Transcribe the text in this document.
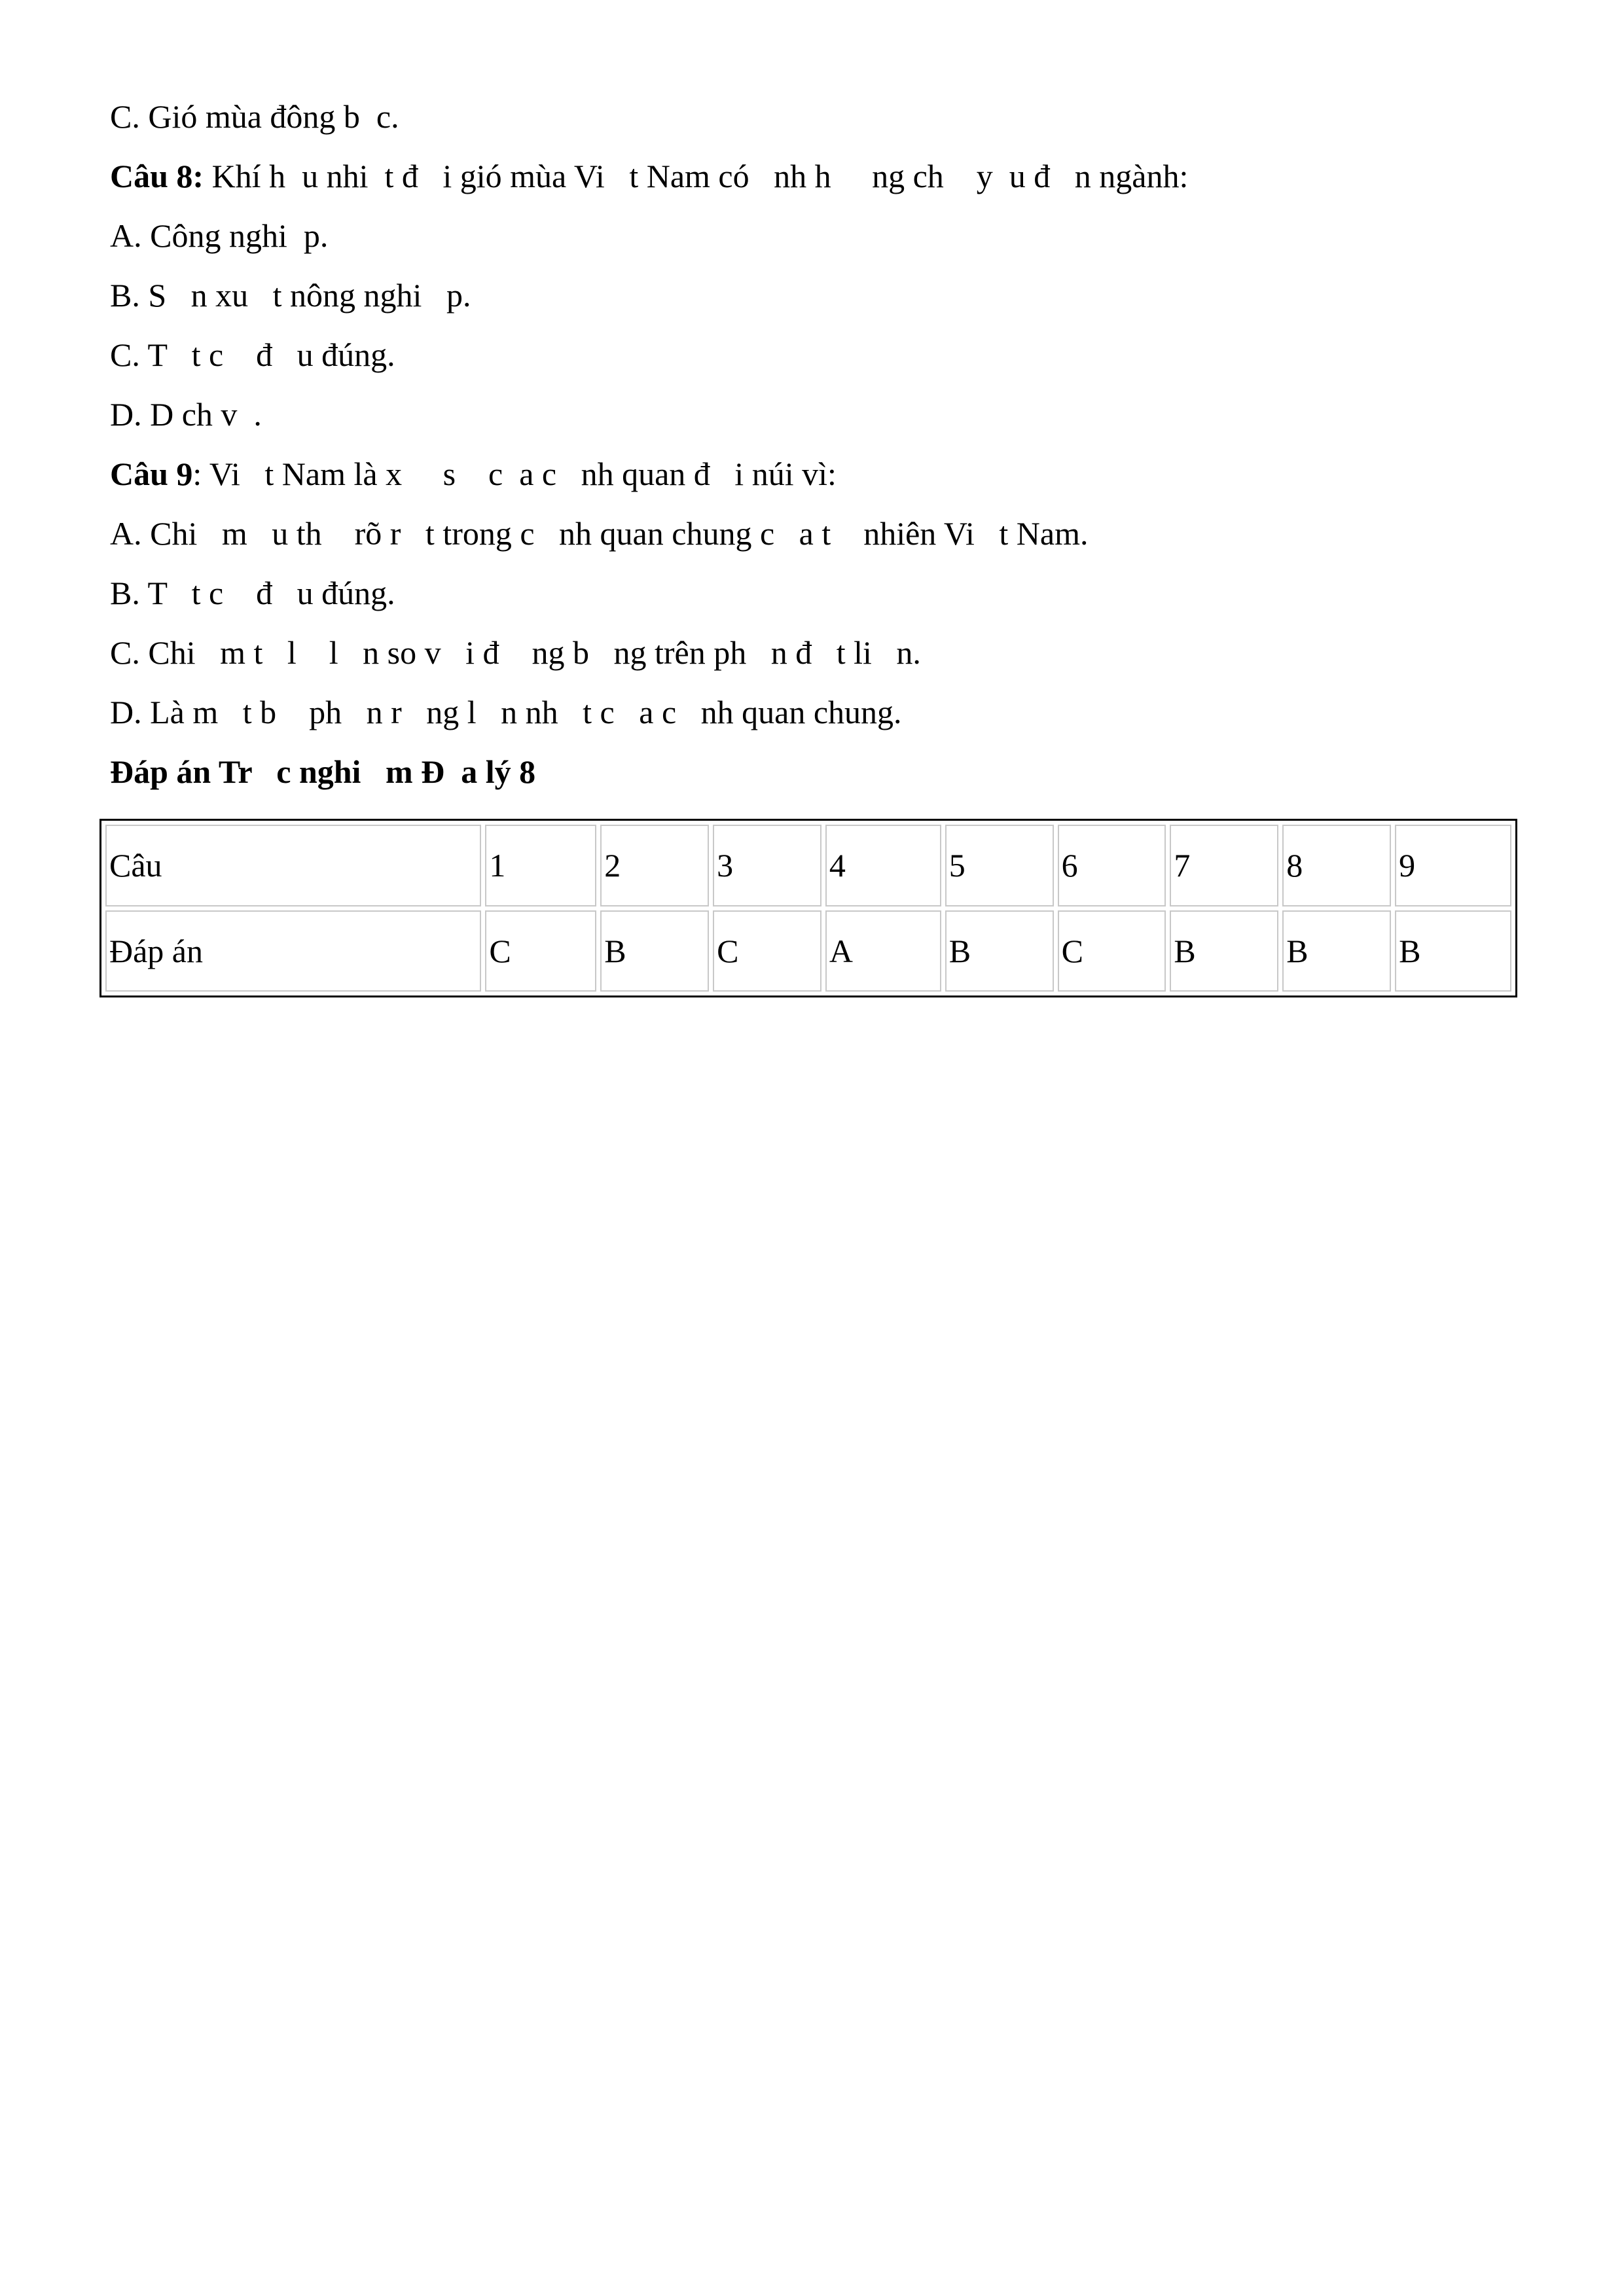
C. Gió mùa đông b  c.
Câu 8: Khí h  u nhi  t đ   i gió mùa Vi   t Nam có   nh h     ng ch    y  u đ   n ngành:
A. Công nghi  p.
B. S   n xu   t nông nghi   p.
C. T   t c    đ   u đúng.
D. D ch v  .
Câu 9: Vi   t Nam là x     s    c  a c   nh quan đ   i núi vì:
A. Chi   m   u th    rõ r   t trong c   nh quan chung c   a t    nhiên Vi   t Nam.
B. T   t c    đ   u đúng.
C. Chi   m t   l    l   n so v   i đ    ng b   ng trên ph   n đ   t li   n.
D. Là m   t b    ph   n r   ng l   n nh   t c   a c   nh quan chung.
Đáp án Tr   c nghi   m Đ  a lý 8
Câu	1	2	3	4	5	6	7	8	9
Đáp án	C	B	C	A	B	C	B	B	B
